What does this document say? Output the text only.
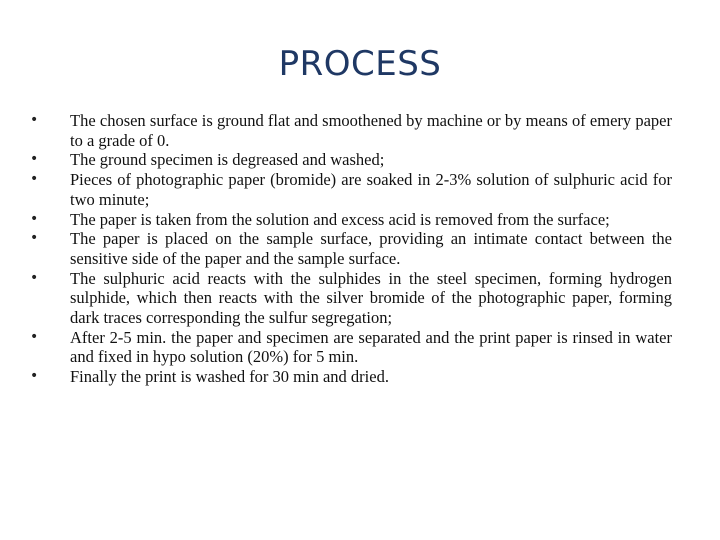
PROCESS
• The chosen surface is ground flat and smoothened by machine or by means of emery paper to a grade of 0.
• The ground specimen is degreased and washed;
• Pieces of photographic paper (bromide) are soaked in 2-3% solution of sulphuric acid for two minute;
• The paper is taken from the solution and excess acid is removed from the surface;
• The paper is placed on the sample surface, providing an intimate contact between the sensitive side of the paper and the sample surface.
• The sulphuric acid reacts with the sulphides in the steel specimen, forming hydrogen sulphide, which then reacts with the silver bromide of the photographic paper, forming dark traces corresponding the sulfur segregation;
• After 2-5 min. the paper and specimen are separated and the print paper is rinsed in water and fixed in hypo solution (20%) for 5 min.
• Finally the print is washed for 30 min and dried.
